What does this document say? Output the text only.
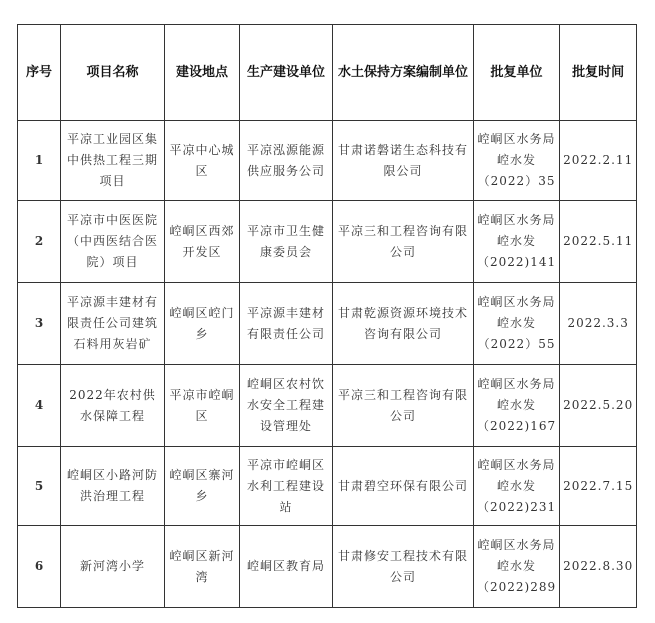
序号	项目名称	建设地点	生产建设单位	水土保持方案编制单位	批复单位	批复时间
1	平凉工业园区集中供热工程三期项目	平凉中心城区	平凉泓源能源供应服务公司	甘肃诺磐诺生态科技有限公司	崆峒区水务局崆水发（2022）35	2022.2.11
2	平凉市中医医院（中西医结合医院）项目	崆峒区西郊开发区	平凉市卫生健康委员会	平凉三和工程咨询有限公司	崆峒区水务局崆水发（2022)141	2022.5.11
3	平凉源丰建材有限责任公司建筑石料用灰岩矿	崆峒区崆门乡	平凉源丰建材有限责任公司	甘肃乾源资源环境技术咨询有限公司	崆峒区水务局崆水发（2022）55	2022.3.3
4	2022年农村供水保障工程	平凉市崆峒区	崆峒区农村饮水安全工程建设管理处	平凉三和工程咨询有限公司	崆峒区水务局崆水发（2022)167	2022.5.20
5	崆峒区小路河防洪治理工程	崆峒区寨河乡	平凉市崆峒区水利工程建设站	甘肃碧空环保有限公司	崆峒区水务局崆水发（2022)231	2022.7.15
6	新河湾小学	崆峒区新河湾	崆峒区教育局	甘肃修安工程技术有限公司	崆峒区水务局崆水发（2022)289	2022.8.30
